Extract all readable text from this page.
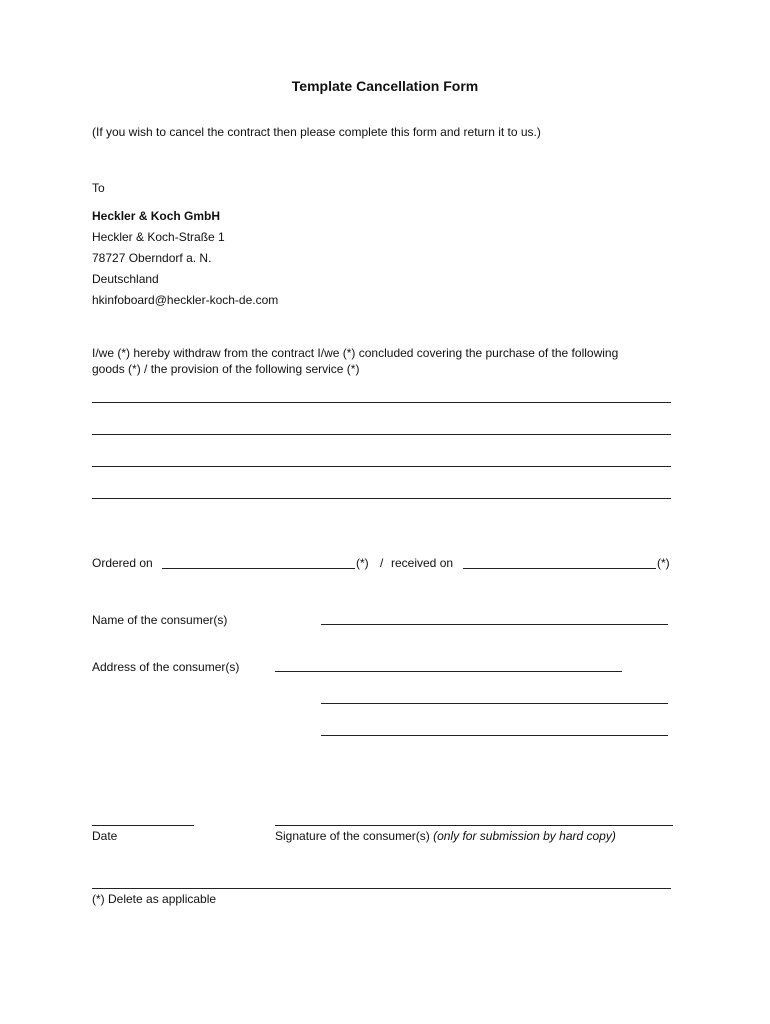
Template Cancellation Form

(If you wish to cancel the contract then please complete this form and return it to us.)

To

Heckler & Koch GmbH

Heckler & Koch-Straße 1

78727 Oberndorf a. N.

Deutschland

hkinfoboard@heckler-koch-de.com

I/we (*) hereby withdraw from the contract I/we (*) concluded covering the purchase of the following

goods (*) / the provision of the following service (*)

Ordered on	(*) / received on	(*)

Name of the consumer(s)

Address of the consumer(s)

Date	Signature of the consumer(s) (only for submission by hard copy)

(*) Delete as applicable
